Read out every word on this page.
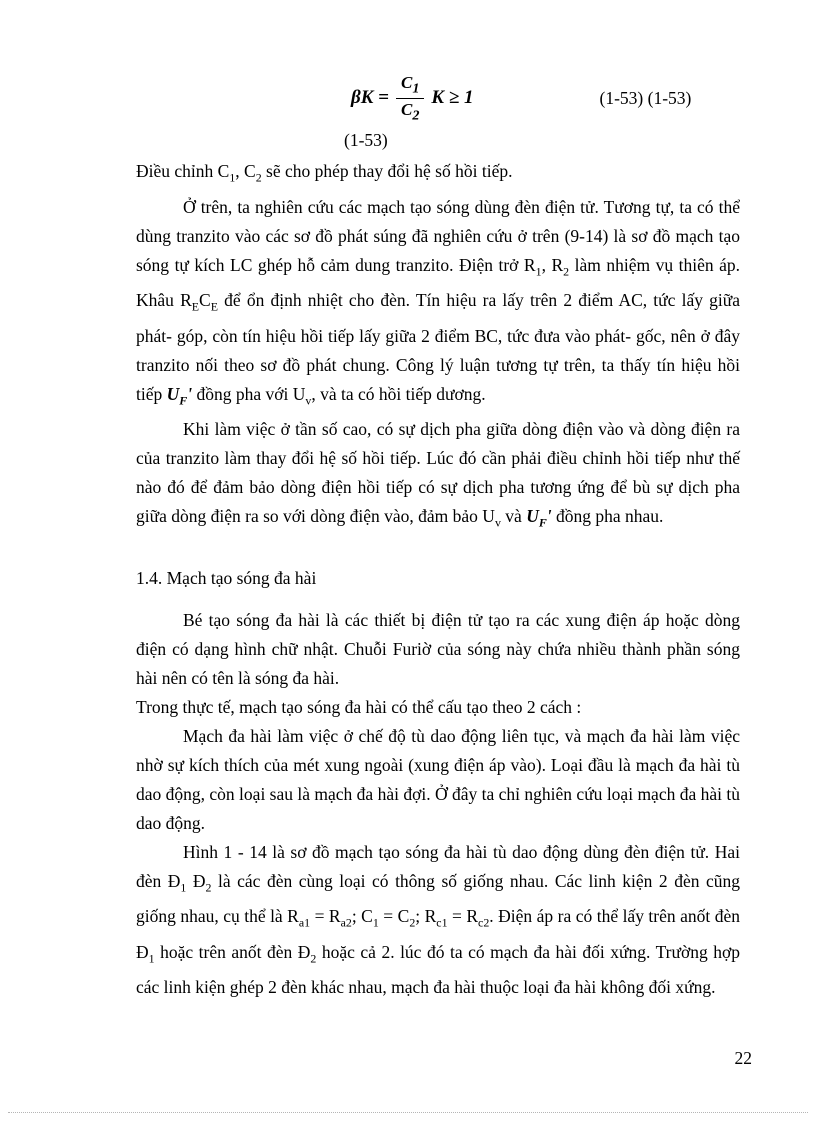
$\beta K = \frac{C_1}{C_2}$ K ≥ 1	(1-53) (1-53)
(1-53)

Điều chỉnh $C_1$, $C_2$ sẽ cho phép thay đổi hệ số hồi tiếp.

Ở trên, ta nghiên cứu các mạch tạo sóng dùng đèn điện tử. Tương tự, ta có thể dùng tranzito vào các sơ đồ phát súng đã nghiên cứu ở trên (9-14) là sơ đồ mạch tạo sóng tự kích LC ghép hỗ cảm dung tranzito. Điện trở $R_1$, $R_2$ làm nhiệm vụ thiên áp. Khâu $R_EC_E$ để ổn định nhiệt cho đèn. Tín hiệu ra lấy trên 2 điểm AC, tức lấy giữa phát- góp, còn tín hiệu hồi tiếp lấy giữa 2 điểm BC, tức đưa vào phát- gốc, nên ở đây tranzito nối theo sơ đồ phát chung. Công lý luận tương tự trên, ta thấy tín hiệu hồi tiếp $U_F'$ đồng pha với $U_v$, và ta có hồi tiếp dương.

Khi làm việc ở tần số cao, có sự dịch pha giữa dòng điện vào và dòng điện ra của tranzito làm thay đổi hệ số hồi tiếp. Lúc đó cần phải điều chỉnh hồi tiếp như thế nào đó để đảm bảo dòng điện hồi tiếp có sự dịch pha tương ứng để bù sự dịch pha giữa dòng điện ra so với dòng điện vào, đảm bảo $U_v$ và $U_F'$ đồng pha nhau.

1.4. Mạch tạo sóng đa hài

Bé tạo sóng đa hài là các thiết bị điện tử tạo ra các xung điện áp hoặc dòng điện có dạng hình chữ nhật. Chuỗi Furiờ của sóng này chứa nhiều thành phần sóng hài nên có tên là sóng đa hài.

Trong thực tế, mạch tạo sóng đa hài có thể cấu tạo theo 2 cách :

Mạch đa hài làm việc ở chế độ tù dao động liên tục, và mạch đa hài làm việc nhờ sự kích thích của mét xung ngoài (xung điện áp vào). Loại đầu là mạch đa hài tù dao động, còn loại sau là mạch đa hài đợi. Ở đây ta chỉ nghiên cứu loại mạch đa hài tù dao động.

Hình 1 - 14 là sơ đồ mạch tạo sóng đa hài tù dao động dùng đèn điện tử. Hai đèn $Đ_1$ $Đ_2$ là các đèn cùng loại có thông số giống nhau. Các linh kiện 2 đèn cũng giống nhau, cụ thể là $R_{a1} = R_{a2}$; $C_1 = C_2$; $R_{c1} = R_{c2}$. Điện áp ra có thể lấy trên anốt đèn $Đ_1$ hoặc trên anốt đèn $Đ_2$ hoặc cả 2. lúc đó ta có mạch đa hài đối xứng. Trường hợp các linh kiện ghép 2 đèn khác nhau, mạch đa hài thuộc loại đa hài không đối xứng.

22
